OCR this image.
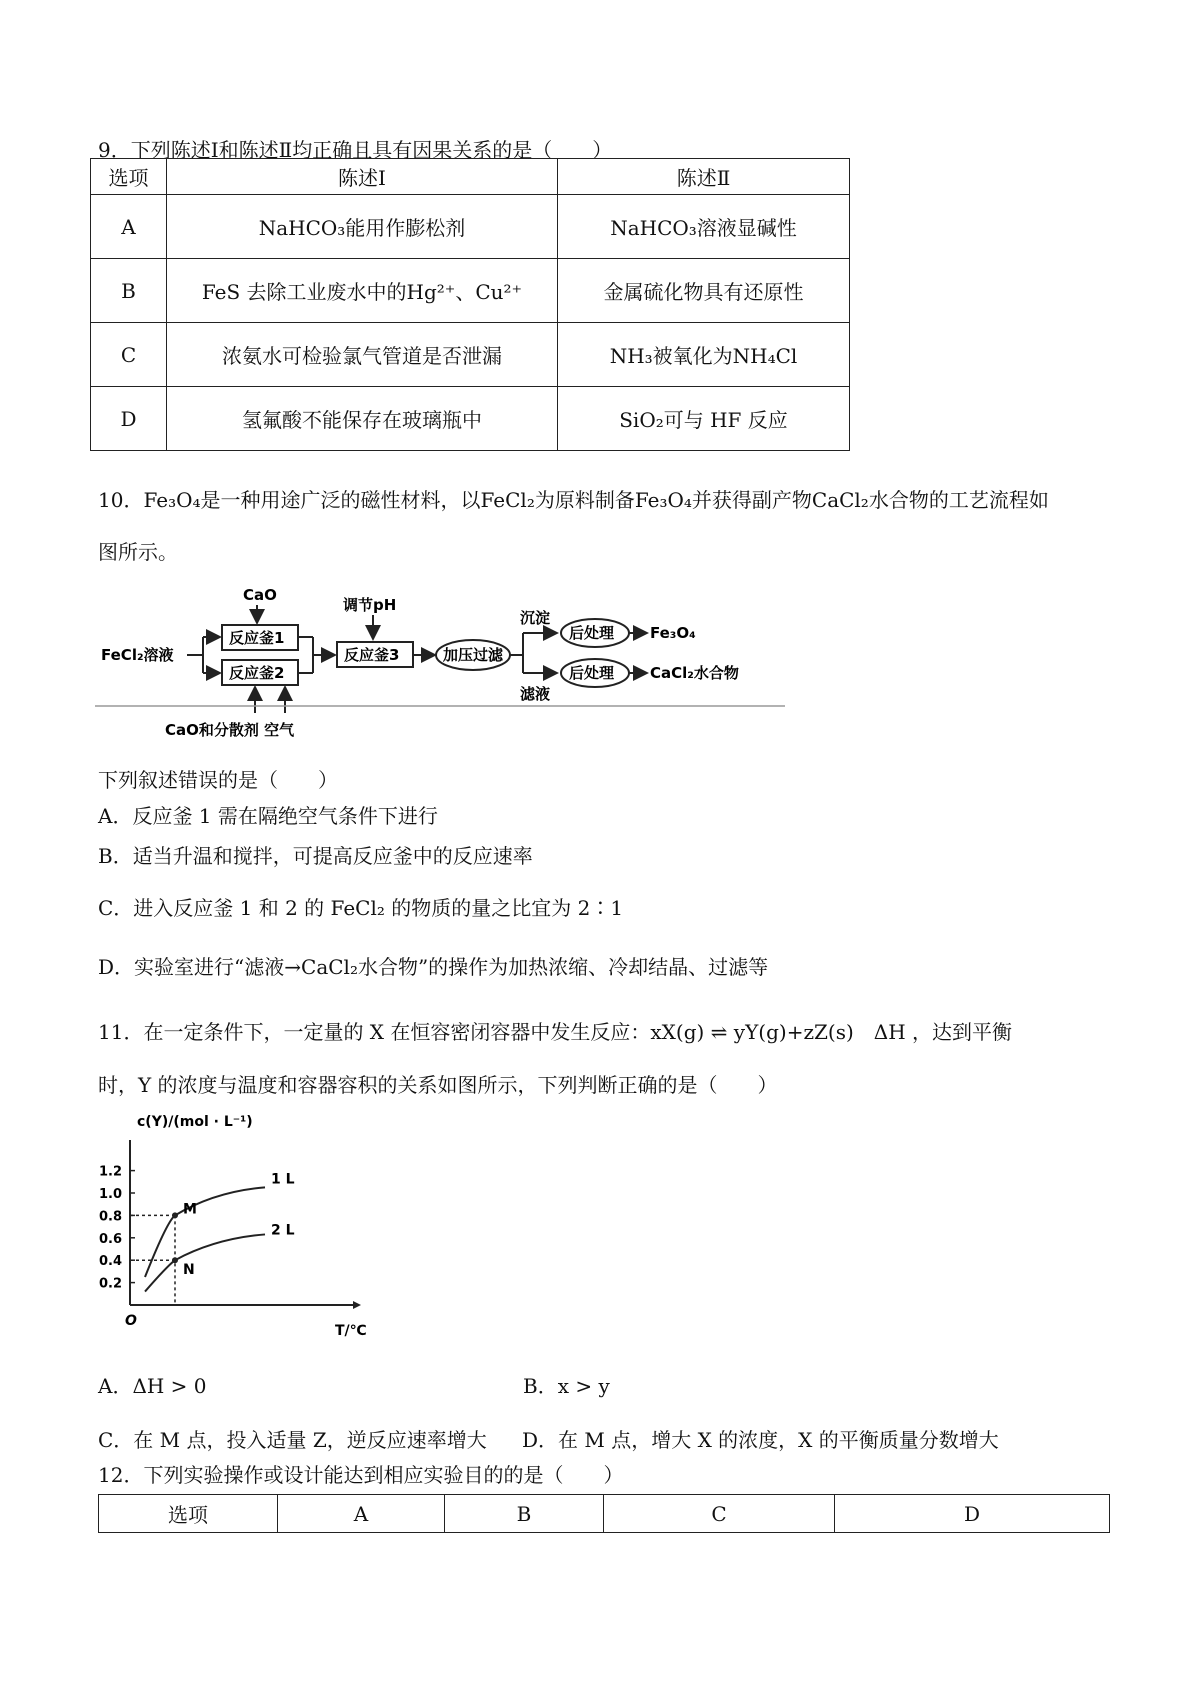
9．下列陈述Ⅰ和陈述Ⅱ均正确且具有因果关系的是（　　）
选项	陈述Ⅰ	陈述Ⅱ
A	NaHCO₃能用作膨松剂	NaHCO₃溶液显碱性
B	FeS 去除工业废水中的Hg²⁺、Cu²⁺	金属硫化物具有还原性
C	浓氨水可检验氯气管道是否泄漏	NH₃被氧化为NH₄Cl
D	氢氟酸不能保存在玻璃瓶中	SiO₂可与 HF 反应
10．Fe₃O₄是一种用途广泛的磁性材料，以FeCl₂为原料制备Fe₃O₄并获得副产物CaCl₂水合物的工艺流程如
图所示。
FeCl₂溶液
CaO
反应釜1
反应釜2
CaO和分散剂 空气
调节pH
反应釜3	加压过滤
沉淀
滤液
后处理
后处理
Fe₃O₄
CaCl₂水合物
下列叙述错误的是（　　）
A．反应釜 1 需在隔绝空气条件下进行
B．适当升温和搅拌，可提高反应釜中的反应速率
C．进入反应釜 1 和 2 的 FeCl₂ 的物质的量之比宜为 2∶1
D．实验室进行“滤液→CaCl₂水合物”的操作为加热浓缩、冷却结晶、过滤等
11．在一定条件下，一定量的 X 在恒容密闭容器中发生反应：xX(g) ⇌ yY(g)+zZ(s)　ΔH ，达到平衡
时，Y 的浓度与温度和容器容积的关系如图所示，下列判断正确的是（　　）
c(Y)/(mol · L⁻¹)
O
T/℃
0.2
0.4
0.6
0.8
1.0
1.2	1 L
2 L
M
N
A．ΔH > 0	B．x > y
C．在 M 点，投入适量 Z，逆反应速率增大 D．在 M 点，增大 X 的浓度，X 的平衡质量分数增大
12．下列实验操作或设计能达到相应实验目的的是（　　）
选项	A	B	C	D
